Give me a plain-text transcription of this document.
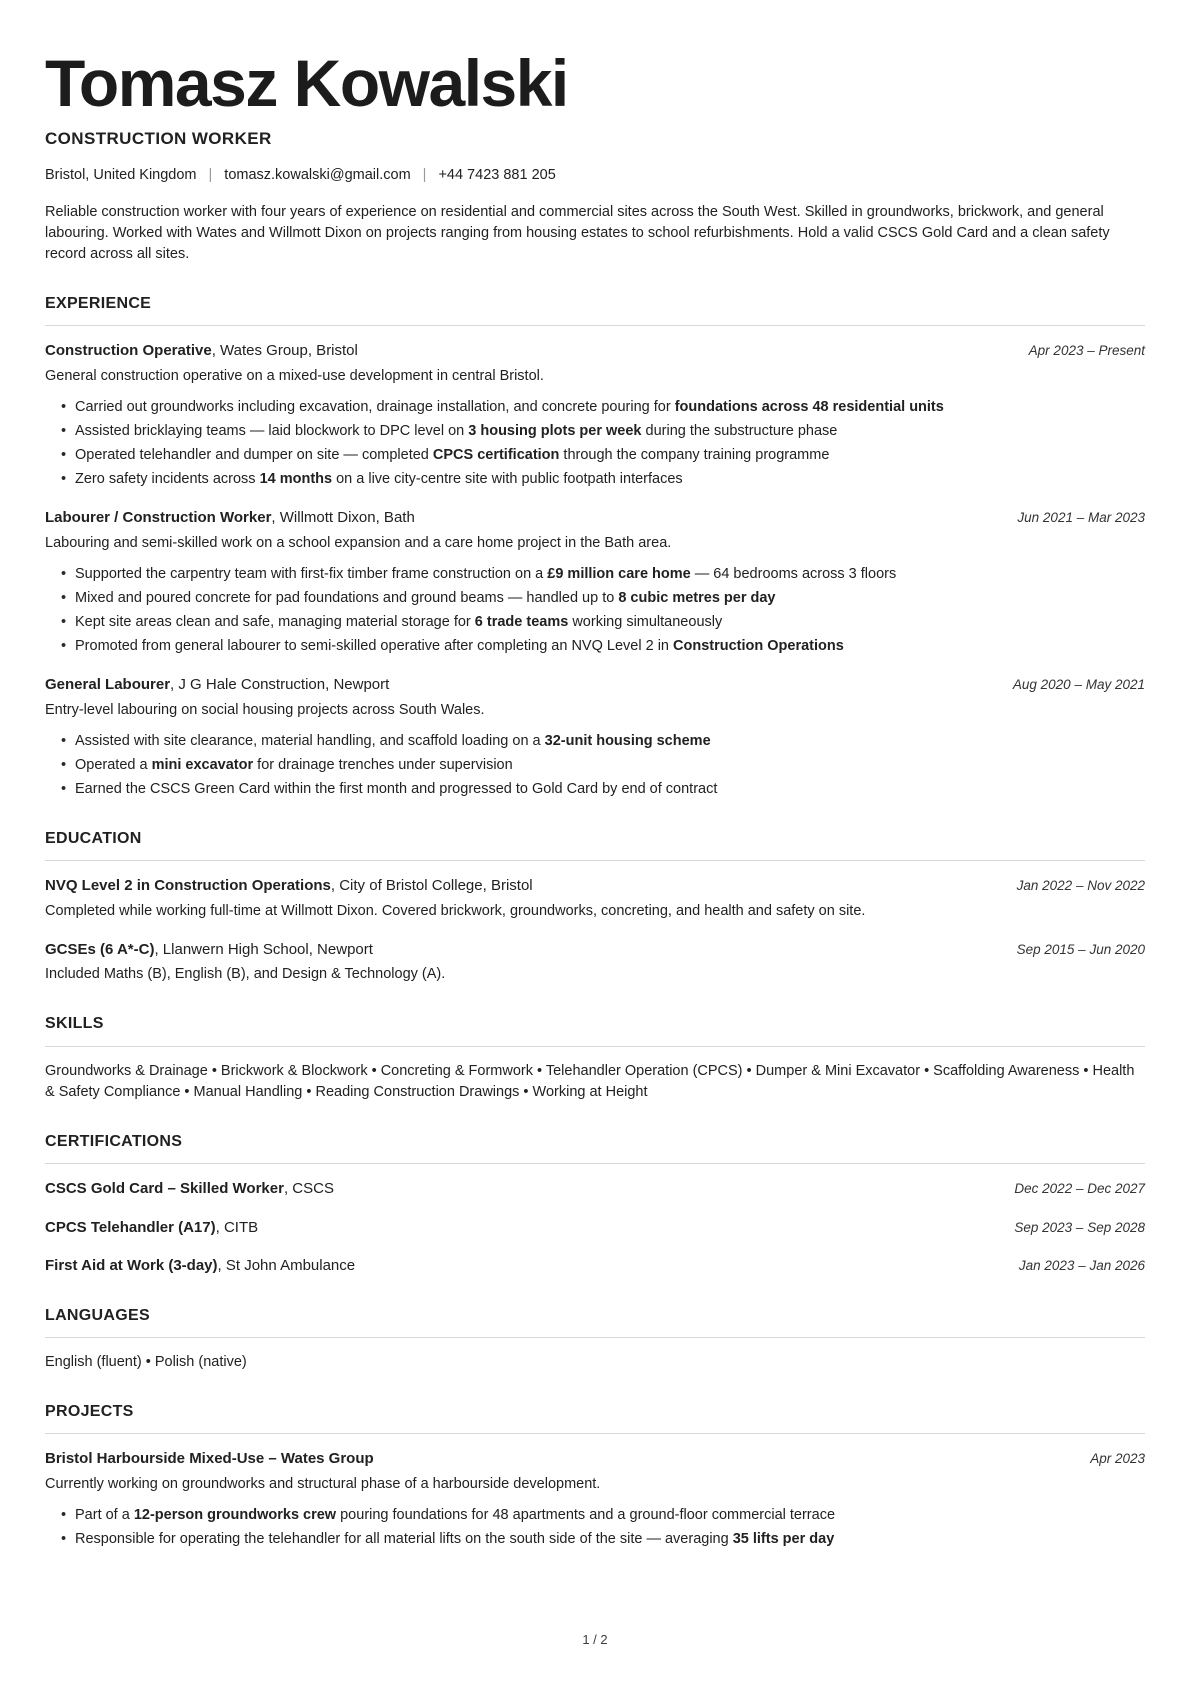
Tomasz Kowalski
CONSTRUCTION WORKER
Bristol, United Kingdom | tomasz.kowalski@gmail.com | +44 7423 881 205

Reliable construction worker with four years of experience on residential and commercial sites across the South West. Skilled in groundworks, brickwork, and general labouring. Worked with Wates and Willmott Dixon on projects ranging from housing estates to school refurbishments. Hold a valid CSCS Gold Card and a clean safety record across all sites.

EXPERIENCE
Construction Operative, Wates Group, Bristol	Apr 2023 – Present

General construction operative on a mixed-use development in central Bristol.

• Carried out groundworks including excavation, drainage installation, and concrete pouring for foundations across 48 residential units
• Assisted bricklaying teams — laid blockwork to DPC level on 3 housing plots per week during the substructure phase
• Operated telehandler and dumper on site — completed CPCS certification through the company training programme
• Zero safety incidents across 14 months on a live city-centre site with public footpath interfaces
Labourer / Construction Worker, Willmott Dixon, Bath	Jun 2021 – Mar 2023

Labouring and semi-skilled work on a school expansion and a care home project in the Bath area.

• Supported the carpentry team with first-fix timber frame construction on a £9 million care home — 64 bedrooms across 3 floors
• Mixed and poured concrete for pad foundations and ground beams — handled up to 8 cubic metres per day
• Kept site areas clean and safe, managing material storage for 6 trade teams working simultaneously
• Promoted from general labourer to semi-skilled operative after completing an NVQ Level 2 in Construction Operations
General Labourer, J G Hale Construction, Newport	Aug 2020 – May 2021

Entry-level labouring on social housing projects across South Wales.

• Assisted with site clearance, material handling, and scaffold loading on a 32-unit housing scheme
• Operated a mini excavator for drainage trenches under supervision
• Earned the CSCS Green Card within the first month and progressed to Gold Card by end of contract
EDUCATION
NVQ Level 2 in Construction Operations, City of Bristol College, Bristol	Jan 2022 – Nov 2022

Completed while working full-time at Willmott Dixon. Covered brickwork, groundworks, concreting, and health and safety on site.

GCSEs (6 A*-C), Llanwern High School, Newport	Sep 2015 – Jun 2020

Included Maths (B), English (B), and Design & Technology (A).

SKILLS

Groundworks & Drainage • Brickwork & Blockwork • Concreting & Formwork • Telehandler Operation (CPCS) • Dumper & Mini Excavator • Scaffolding Awareness • Health & Safety Compliance • Manual Handling • Reading Construction Drawings • Working at Height

CERTIFICATIONS
CSCS Gold Card – Skilled Worker, CSCS	Dec 2022 – Dec 2027
CPCS Telehandler (A17), CITB	Sep 2023 – Sep 2028
First Aid at Work (3-day), St John Ambulance	Jan 2023 – Jan 2026
LANGUAGES

English (fluent) • Polish (native)

PROJECTS
Bristol Harbourside Mixed-Use – Wates Group	Apr 2023

Currently working on groundworks and structural phase of a harbourside development.

• Part of a 12-person groundworks crew pouring foundations for 48 apartments and a ground-floor commercial terrace
• Responsible for operating the telehandler for all material lifts on the south side of the site — averaging 35 lifts per day
1 / 2
